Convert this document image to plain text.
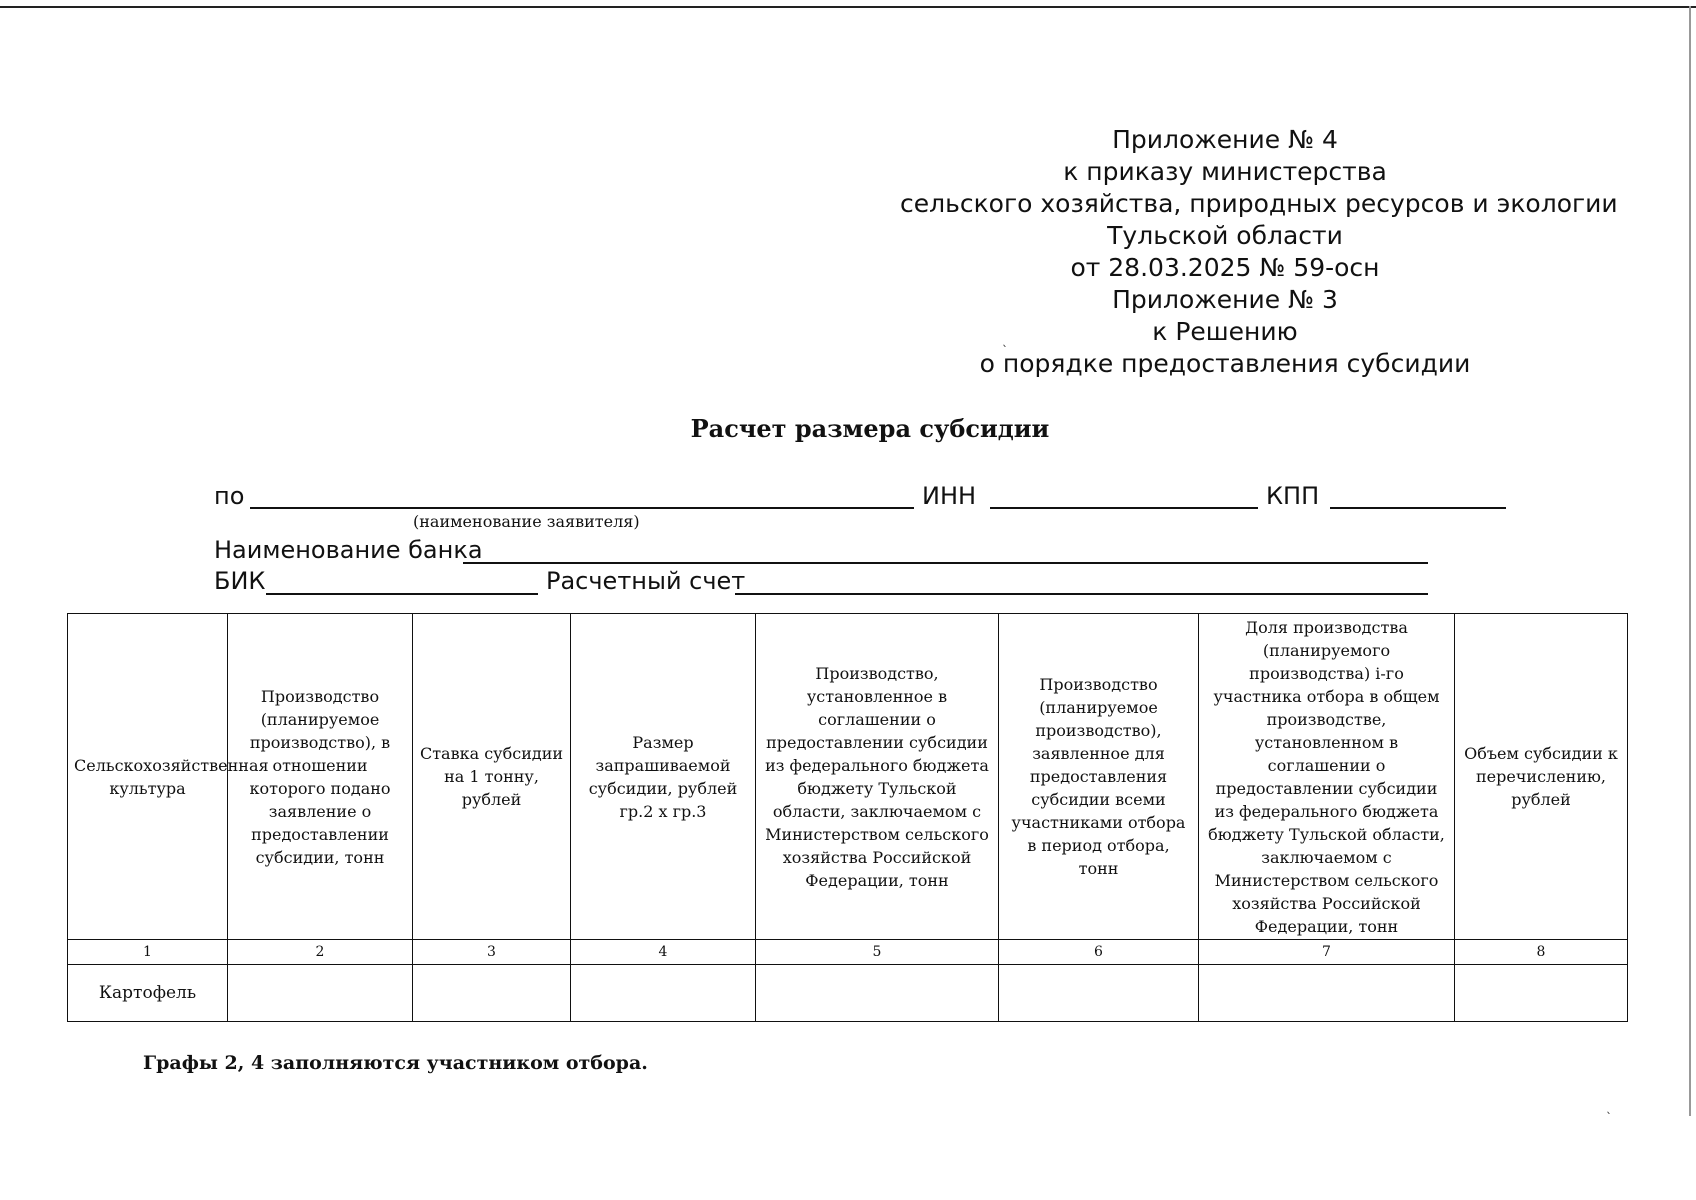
Приложение № 4
к приказу министерства
сельского хозяйства, природных ресурсов и экологии
Тульской области
от 28.03.2025 № 59-осн
Приложение № 3
к Решению
о порядке предоставления субсидии
Расчет размера субсидии
по	ИНН	КПП
(наименование заявителя)
Наименование банка
БИК	Расчетный счет
Сельскохозяйственная культура	Производство (планируемое производство), в отношении которого подано заявление о предоставлении субсидии, тонн	Ставка субсидии на 1 тонну, рублей	Размер запрашиваемой субсидии, рублей гр.2 х гр.3	Производство, установленное в соглашении о предоставлении субсидии из федерального бюджета бюджету Тульской области, заключаемом с Министерством сельского хозяйства Российской Федерации, тонн	Производство (планируемое производство), заявленное для предоставления субсидии всеми участниками отбора в период отбора, тонн	Доля производства (планируемого производства) i-го участника отбора в общем производстве, установленном в соглашении о предоставлении субсидии из федерального бюджета бюджету Тульской области, заключаемом с Министерством сельского хозяйства Российской Федерации, тонн	Объем субсидии к перечислению, рублей
1	2	3	4	5	6	7	8
Картофель							
Графы 2, 4 заполняются участником отбора.
ˎ
ˎ
